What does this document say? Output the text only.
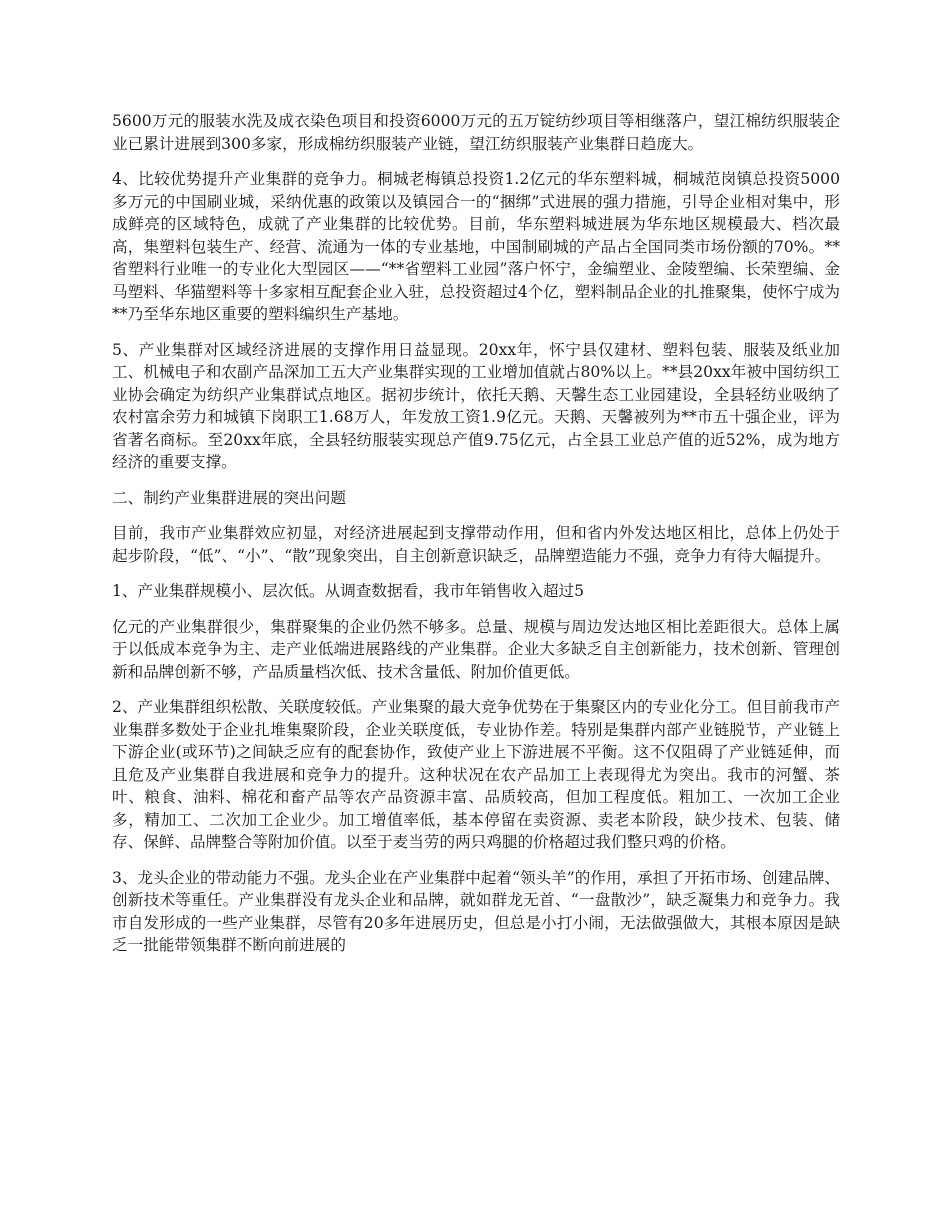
5600万元的服装水洗及成衣染色项目和投资6000万元的五万锭纺纱项目等相继落户，望江棉纺织服装企业已累计进展到300多家，形成棉纺织服装产业链，望江纺织服装产业集群日趋庞大。

4、比较优势提升产业集群的竞争力。桐城老梅镇总投资1.2亿元的华东塑料城，桐城范岗镇总投资5000多万元的中国刷业城，采纳优惠的政策以及镇园合一的“捆绑”式进展的强力措施，引导企业相对集中，形成鲜亮的区域特色，成就了产业集群的比较优势。目前，华东塑料城进展为华东地区规模最大、档次最高，集塑料包装生产、经营、流通为一体的专业基地，中国制刷城的产品占全国同类市场份额的70%。**省塑料行业唯一的专业化大型园区——“**省塑料工业园”落户怀宁，金编塑业、金陵塑编、长荣塑编、金马塑料、华猫塑料等十多家相互配套企业入驻，总投资超过4个亿，塑料制品企业的扎推聚集，使怀宁成为**乃至华东地区重要的塑料编织生产基地。

5、产业集群对区域经济进展的支撑作用日益显现。20xx年，怀宁县仅建材、塑料包装、服装及纸业加工、机械电子和农副产品深加工五大产业集群实现的工业增加值就占80%以上。**县20xx年被中国纺织工业协会确定为纺织产业集群试点地区。据初步统计，依托天鹅、天馨生态工业园建设，全县轻纺业吸纳了农村富余劳力和城镇下岗职工1.68万人，年发放工资1.9亿元。天鹅、天馨被列为**市五十强企业，评为省著名商标。至20xx年底，全县轻纺服装实现总产值9.75亿元，占全县工业总产值的近52%，成为地方经济的重要支撑。

二、制约产业集群进展的突出问题

目前，我市产业集群效应初显，对经济进展起到支撑带动作用，但和省内外发达地区相比，总体上仍处于起步阶段，“低”、“小”、“散”现象突出，自主创新意识缺乏，品牌塑造能力不强，竞争力有待大幅提升。

1、产业集群规模小、层次低。从调查数据看，我市年销售收入超过5

亿元的产业集群很少，集群聚集的企业仍然不够多。总量、规模与周边发达地区相比差距很大。总体上属于以低成本竞争为主、走产业低端进展路线的产业集群。企业大多缺乏自主创新能力，技术创新、管理创新和品牌创新不够，产品质量档次低、技术含量低、附加价值更低。

2、产业集群组织松散、关联度较低。产业集聚的最大竞争优势在于集聚区内的专业化分工。但目前我市产业集群多数处于企业扎堆集聚阶段，企业关联度低，专业协作差。特别是集群内部产业链脱节，产业链上下游企业(或环节)之间缺乏应有的配套协作，致使产业上下游进展不平衡。这不仅阻碍了产业链延伸，而且危及产业集群自我进展和竞争力的提升。这种状况在农产品加工上表现得尤为突出。我市的河蟹、茶叶、粮食、油料、棉花和畜产品等农产品资源丰富、品质较高，但加工程度低。粗加工、一次加工企业多，精加工、二次加工企业少。加工增值率低，基本停留在卖资源、卖老本阶段，缺少技术、包装、储存、保鲜、品牌整合等附加价值。以至于麦当劳的两只鸡腿的价格超过我们整只鸡的价格。

3、龙头企业的带动能力不强。龙头企业在产业集群中起着“领头羊”的作用，承担了开拓市场、创建品牌、创新技术等重任。产业集群没有龙头企业和品牌，就如群龙无首、“一盘散沙”，缺乏凝集力和竞争力。我市自发形成的一些产业集群，尽管有20多年进展历史，但总是小打小闹，无法做强做大，其根本原因是缺乏一批能带领集群不断向前进展的
